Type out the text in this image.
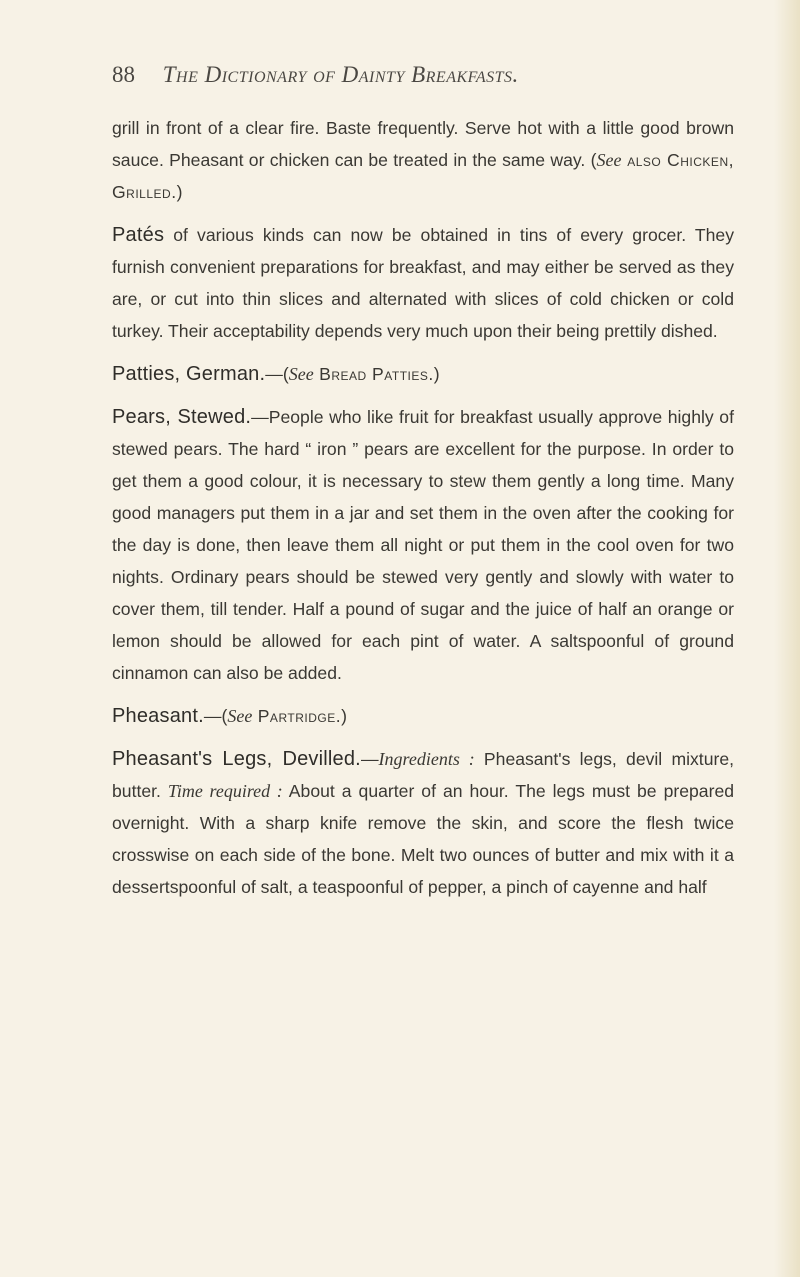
88 The Dictionary of Dainty Breakfasts.

grill in front of a clear fire. Baste frequently. Serve hot with a little good brown sauce. Pheasant or chicken can be treated in the same way. (See also Chicken, Grilled.)

Patés of various kinds can now be obtained in tins of every grocer. They furnish convenient preparations for breakfast, and may either be served as they are, or cut into thin slices and alternated with slices of cold chicken or cold turkey. Their acceptability depends very much upon their being prettily dished.

Patties, German.—(See Bread Patties.)

Pears, Stewed.—People who like fruit for breakfast usually approve highly of stewed pears. The hard “ iron ” pears are excellent for the purpose. In order to get them a good colour, it is necessary to stew them gently a long time. Many good managers put them in a jar and set them in the oven after the cooking for the day is done, then leave them all night or put them in the cool oven for two nights. Ordinary pears should be stewed very gently and slowly with water to cover them, till tender. Half a pound of sugar and the juice of half an orange or lemon should be allowed for each pint of water. A saltspoonful of ground cinnamon can also be added.

Pheasant.—(See Partridge.)

Pheasant's Legs, Devilled.—Ingredients : Pheasant's legs, devil mixture, butter. Time required : About a quarter of an hour. The legs must be prepared overnight. With a sharp knife remove the skin, and score the flesh twice crosswise on each side of the bone. Melt two ounces of butter and mix with it a dessertspoonful of salt, a teaspoonful of pepper, a pinch of cayenne and half
